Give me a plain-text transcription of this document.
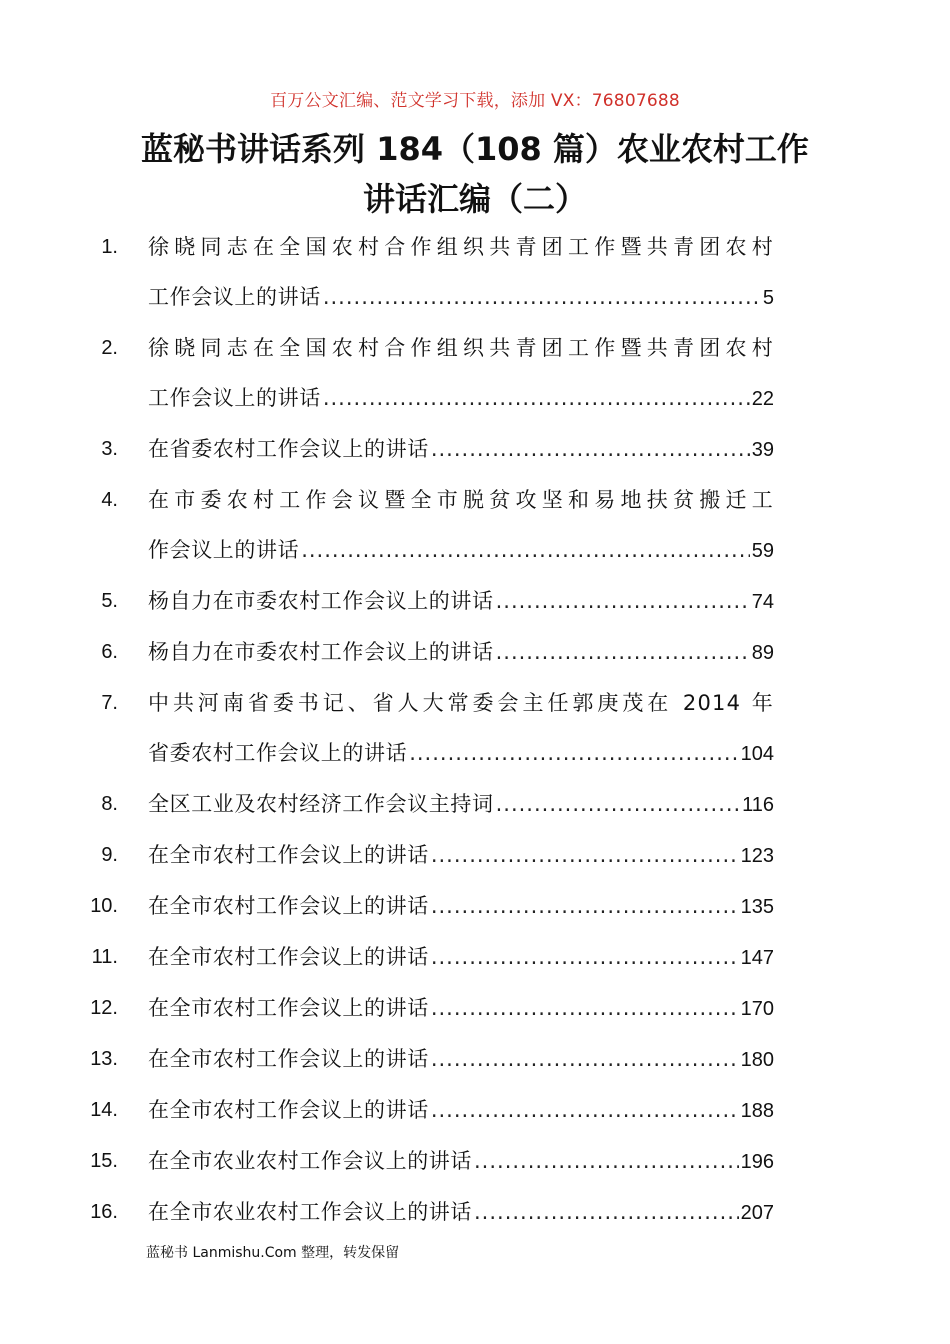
百万公文汇编、范文学习下载，添加 VX：76807688
蓝秘书讲话系列 184（108 篇）农业农村工作讲话汇编（二）
1.	徐晓同志在全国农村合作组织共青团工作暨共青团农村
工作会议上的讲话 .....	5
2.	徐晓同志在全国农村合作组织共青团工作暨共青团农村
工作会议上的讲话 .....	22
3.	在省委农村工作会议上的讲话 .....	39
4.	在市委农村工作会议暨全市脱贫攻坚和易地扶贫搬迁工
作会议上的讲话 .....	59
5.	杨自力在市委农村工作会议上的讲话 .....	74
6.	杨自力在市委农村工作会议上的讲话 .....	89
7.	中共河南省委书记、省人大常委会主任郭庚茂在 2014 年
省委农村工作会议上的讲话 .....	104
8.	全区工业及农村经济工作会议主持词 .....	116
9.	在全市农村工作会议上的讲话 .....	123
10.	在全市农村工作会议上的讲话 .....	135
11.	在全市农村工作会议上的讲话 .....	147
12.	在全市农村工作会议上的讲话 .....	170
13.	在全市农村工作会议上的讲话 .....	180
14.	在全市农村工作会议上的讲话 .....	188
15.	在全市农业农村工作会议上的讲话 .....	196
16.	在全市农业农村工作会议上的讲话 .....	207
蓝秘书 Lanmishu.Com 整理，转发保留
